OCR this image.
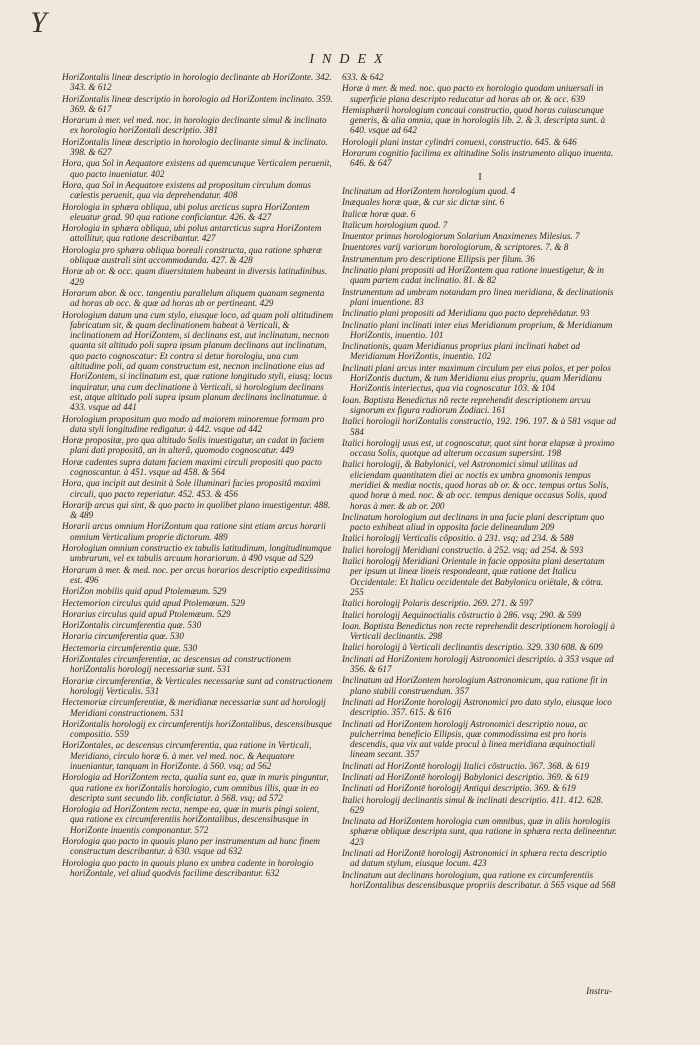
Y
INDEX
HoriZontalis lineæ descriptio in horologio declinante ab HoriZonte. 342. 343. & 612
HoriZontalis lineæ descriptio in horologio ad HoriZontem inclinato. 359. 369. & 617
Horarum à mer. vel med. noc. in horologio declinante simul & inclinato ex horologio horiZontali descriptio. 381
HoriZontalis lineæ descriptio in horologio declinante simul & inclinato. 398. & 627
Hora, qua Sol in Aequatore existens ad quemcunque Verticalem peruenit, quo pacto inueniatur. 402
Hora, qua Sol in Aequatore existens ad propositum circulum domus cælestis peruenit, qua via deprehendatur. 408
Horologia in sphæra obliqua, ubi polus arcticus supra HoriZontem eleuatur grad. 90 qua ratione conficiantur. 426. & 427
Horologia in sphæra obliqua, ubi polus antarcticus supra HoriZontem attollitur, qua ratione describantur. 427
Horologia pro sphæra obliqua boreali constructa, qua ratione sphæræ obliquæ australi sint accommodanda. 427. & 428
Horæ ab or. & occ. quam diuersitatem habeant in diversis latitudinibus. 429
Horarum abor. & occ. tangentiu parallelum aliquem quanam segmenta ad horas ab occ. & quæ ad horas ab or pertineant. 429
Horologium datum una cum stylo, eiusque loco, ad quam poli altitudinem fabricatum sit, & quam declinationem habeat à Verticali, & inclinationem ad HoriZontem, si declinans est, aut inclinatum, necnon quanta sit altitudo poli supra ipsum planum declinans aut inclinatum, quo pacto cognoscatur: Et contra si detur horologiu, una cum altitudine poli, ad quam constructum est, necnon inclinatione eius ad HoriZontem, si inclinatum est, quæ ratione longitudo styli, eiusq; locus inquiratur, una cum declinatione à Verticali, si horologium declinans est, atque altitudo poli supra ipsum planum declinans inclinatumue. à 433. vsque ad 441
Horologium propositum quo modo ad maiorem minoremue formam pro data styli longitudine redigatur. à 442. vsque ad 442
Horæ propositæ, pro qua altitudo Solis inuestigatur, an cadat in faciem plani dati propositâ, an in alterâ, quomodo cognoscatur. 449
Horæ cadentes supra datam faciem maximi circuli propositi quo pacto cognoscantur. à 451. vsque ad 458. & 564
Hora, qua incipit aut desinit à Sole illuminari facies propositâ maximi circuli, quo pacto reperiatur. 452. 453. & 456
Horariþ arcus qui sint, & quo pacto in quolibet plano inuestigentur. 488. & 489
Horarii arcus omnium HoriZontum qua ratione sint etiam arcus horarii omnium Verticalium proprie dictorum. 489
Horologium omnium constructio ex tabulis latitudinum, longitudinumque umbrarum, vel ex tabulis arcuum horariorum. à 490 vsque ad 529
Horarum à mer. & med. noc. per arcus horarios descriptio expeditissima est. 496
HoriZon mobilis quid apud Ptolemæum. 529
Hectemorion circulus quid apud Ptolemæum. 529
Horarius circulus quid apud Ptolemæum. 529
HoriZontalis circumferentia quæ. 530
Horaria circumferentia quæ. 530
Hectemoria circumferentia quæ. 530
HoriZontales circumferentiæ, ac descensus ad constructionem horiZontalis horologij necessariæ sunt. 531
Horariæ circumferentiæ, & Verticales necessariæ sunt ad constructionem horologij Verticalis. 531
Hectemoriæ circumferentiæ, & meridianæ necessariæ sunt ad horologij Meridiani constructionem. 531
HoriZontalis horologij ex circumferentijs horiZontalibus, descensibusque compositio. 559
HoriZontales, ac descensus circumferentia, qua ratione in Verticali, Meridiano, circulo horæ 6. à mer. vel med. noc. & Aequatore inueniantur, tanquam in HoriZonte. à 560. vsq; ad 562
Horologia ad HoriZontem recta, qualia sunt ea, quæ in muris pinguntur, qua ratione ex horiZontalis horologio, cum omnibus illis, quæ in eo descripta sunt secundo lib. conficiatur. à 568. vsq; ad 572
Horologia ad HoriZontem recta, nempe ea, quæ in muris pingi solent, qua ratione ex circumferentiis horiZontalibus, descensibusque in HoriZonte inuentis componantur. 572
Horologia quo pacto in quouis plano per instrumentum ad hunc finem constructum describantur. à 630. vsque ad 632
Horologia quo pacto in quouis plano ex umbra cadente in horologio horiZontale, vel aliud quodvis facilime describantur. 632
633. & 642
Horæ à mer. & med. noc. quo pacto ex horologio quodam uniuersali in superficie plana descripto reducatur ad horas ab or. & occ. 639
Hemisphærii horologium concaui constructio, quod horas cuiuscunque generis, & alia omnia, quæ in horologiis lib. 2. & 3. descripta sunt. à 640. vsque ad 642
Horologii plani instar cylindri conuexi, constructio. 645. & 646
Horarum cognitio facilima ex altitudine Solis instrumento aliquo inuenta. 646. & 647
I
Inclinatum ad HoriZontem horologium quod. 4
Inæquales horæ quæ, & cur sic dictæ sint. 6
Italicæ horæ quæ. 6
Italicum horologium quod. 7
Inuentor primus horologiorum Solarium Anaximenes Milesius. 7
Inuentores varij variorum horologiorum, & scriptores. 7. & 8
Instrumentum pro descriptione Ellipsis per filum. 36
Inclinatio plani propositi ad HoriZontem qua ratione inuestigetur, & in quam partem cadat inclinatio. 81. & 82
Instrumentum ad umbram notandam pro linea meridiana, & declinationis plani inuentione. 83
Inclinatio plani propositi ad Meridianu quo pacto deprehēdatur. 93
Inclinatio plani inclinati inter eius Meridianum proprium, & Meridianum HoriZontis, inuentio. 101
Inclinationis, quam Meridianus proprius plani inclinati habet ad Meridianum HoriZontis, inuentio. 102
Inclinati plani arcus inter maximum circulum per eius polos, et per polos HoriZontis ductum, & tum Meridianu eius propriu, quam Meridianu HoriZontis interiectus, qua via cognoscatur 103. & 104
Ioan. Baptista Benedictus nõ recte reprehendit descriptionem arcuu signorum ex figura radiorum Zodiaci. 161
Italici horologii horiZontalis constructio, 192. 196. 197. & à 581 vsque ad 584
Italici horologij usus est, ut cognoscatur, quot sint horæ elapsæ à proximo occasu Solis, quotque ad alterum occasum supersint. 198
Italici horologij, & Babylonici, vel Astronomici simul utilitas ad eliciendam quantitatem diei ac noctis ex umbra gnomonis tempus meridiei & mediæ noctis, quod horas ab or. & occ. tempus ortus Solis, quod horæ à med. noc. & ab occ. tempus denique occasus Solis, quod horas à mer. & ab or. 200
Inclinatum horologium aut declinans in una facie plani descriptum quo pacto exhibeat aliud in opposita facie delineandum 209
Italici horologij Verticalis cõpositio. à 231. vsq; ad 234. & 588
Italici horologij Meridiani constructio. à 252. vsq; ad 254. & 593
Italici horologij Meridiani Orientale in facie opposita plani desertatam per ipsum ut lineæ lineis respondeant, quæ ratione det Italicu Occidentale: Et Italicu occidentale det Babylonicu oriëtale, & cötra. 255
Italici horologij Polaris descriptio. 269. 271. & 597
Italici horologij Aequinoctialis cõstructio à 286. vsq; 290. & 599
Ioan. Baptista Benedictus non recte reprehendit descriptionem horologij à Verticali declinantis. 298
Italici horologij à Verticali declinantis descriptio. 329. 330 608. & 609
Inclinati ad HoriZontem horologij Astronomici descriptio. à 353 vsque ad 356. & 617
Inclinatum ad HoriZontem horologium Astronomicum, qua ratione fit in plano stabili construendum. 357
Inclinati ad HoriZonte horologij Astronomici pro dato stylo, eiusque loco descriptio. 357. 615. & 616
Inclinati ad HoriZontem horologij Astronomici descriptio noua, ac pulcherrima beneficio Ellipsis, quæ commodissima est pro horis descendis, qua vix aut valde procul à linea meridiana æquinoctiali lineam secant. 357
Inclinati ad HoriZontē horologij Italici cõstructio. 367. 368. & 619
Inclinati ad HoriZontē horologij Babylonici descriptio. 369. & 619
Inclinati ad HoriZontē horologij Antiqui descriptio. 369. & 619
Italici horologij declinantis simul & inclinati descriptio. 411. 412. 628. 629
Inclinata ad HoriZontem horologia cum omnibus, quæ in aliis horologiis sphæræ obliquæ descripta sunt, qua ratione in sphæra recta delineentur. 423
Inclinati ad HoriZontē horologij Astronomici in sphæra recta descriptio ad datum stylum, eiusque locum. 423
Inclinatum aut declinans horologium, qua ratione ex circumferentiis horiZontalibus descensibusque propriis describatur. à 565 vsque ad 568
Instru-
